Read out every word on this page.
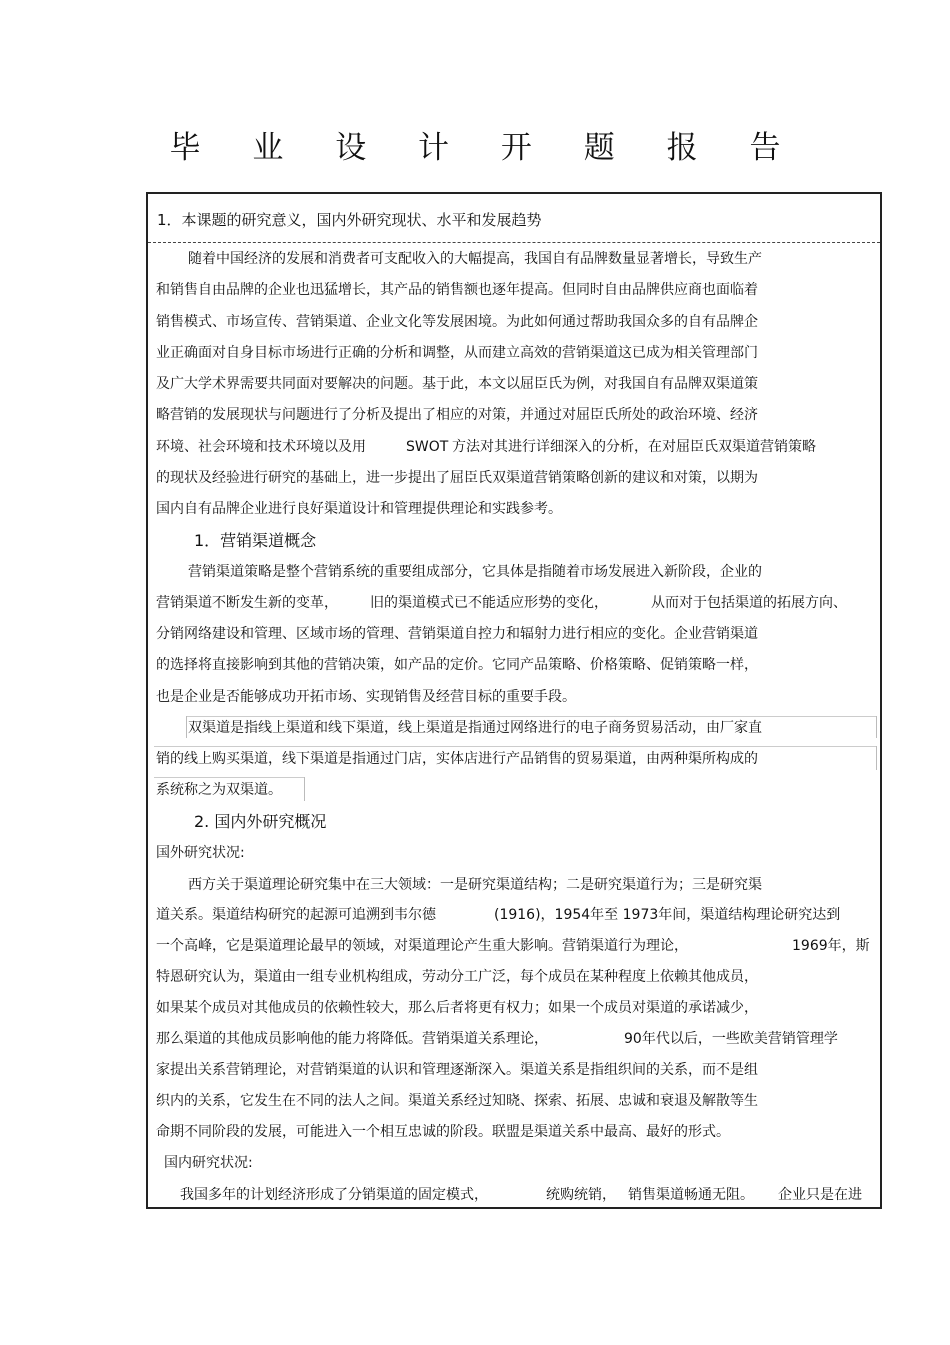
毕 业 设 计 开 题 报 告
1．本课题的研究意义，国内外研究现状、水平和发展趋势
随着中国经济的发展和消费者可支配收入的大幅提高，我国自有品牌数量显著增长，导致生产
和销售自由品牌的企业也迅猛增长，其产品的销售额也逐年提高。但同时自由品牌供应商也面临着
销售模式、市场宣传、营销渠道、企业文化等发展困境。为此如何通过帮助我国众多的自有品牌企
业正确面对自身目标市场进行正确的分析和调整，从而建立高效的营销渠道这已成为相关管理部门
及广大学术界需要共同面对要解决的问题。基于此，本文以屈臣氏为例，对我国自有品牌双渠道策
略营销的发展现状与问题进行了分析及提出了相应的对策，并通过对屈臣氏所处的政治环境、经济
环境、社会环境和技术环境以及用	SWOT 方法对其进行详细深入的分析，在对屈臣氏双渠道营销策略
的现状及经验进行研究的基础上，进一步提出了屈臣氏双渠道营销策略创新的建议和对策，以期为
国内自有品牌企业进行良好渠道设计和管理提供理论和实践参考。
1．营销渠道概念
营销渠道策略是整个营销系统的重要组成部分，它具体是指随着市场发展进入新阶段，企业的
营销渠道不断发生新的变革， 旧的渠道模式已不能适应形势的变化，	从而对于包括渠道的拓展方向、
分销网络建设和管理、区域市场的管理、营销渠道自控力和辐射力进行相应的变化。企业营销渠道
的选择将直接影响到其他的营销决策，如产品的定价。它同产品策略、价格策略、促销策略一样，
也是企业是否能够成功开拓市场、实现销售及经营目标的重要手段。
双渠道是指线上渠道和线下渠道，线上渠道是指通过网络进行的电子商务贸易活动，由厂家直
销的线上购买渠道，线下渠道是指通过门店，实体店进行产品销售的贸易渠道，由两种渠所构成的
系统称之为双渠道。
2. 国内外研究概况
国外研究状况:
西方关于渠道理论研究集中在三大领域：一是研究渠道结构；二是研究渠道行为；三是研究渠
道关系。渠道结构研究的起源可追溯到韦尔德	(1916)，1954年至 1973年间，渠道结构理论研究达到
一个高峰，它是渠道理论最早的领域，对渠道理论产生重大影响。营销渠道行为理论，	1969年，斯
特恩研究认为，渠道由一组专业机构组成，劳动分工广泛，每个成员在某种程度上依赖其他成员，
如果某个成员对其他成员的依赖性较大，那么后者将更有权力；如果一个成员对渠道的承诺减少，
那么渠道的其他成员影响他的能力将降低。营销渠道关系理论，	90年代以后，一些欧美营销管理学
家提出关系营销理论，对营销渠道的认识和管理逐渐深入。渠道关系是指组织间的关系，而不是组
织内的关系，它发生在不同的法人之间。渠道关系经过知晓、探索、拓展、忠诚和衰退及解散等生
命期不同阶段的发展，可能进入一个相互忠诚的阶段。联盟是渠道关系中最高、最好的形式。
国内研究状况:
我国多年的计划经济形成了分销渠道的固定模式，	统购统销， 销售渠道畅通无阻。 企业只是在进
